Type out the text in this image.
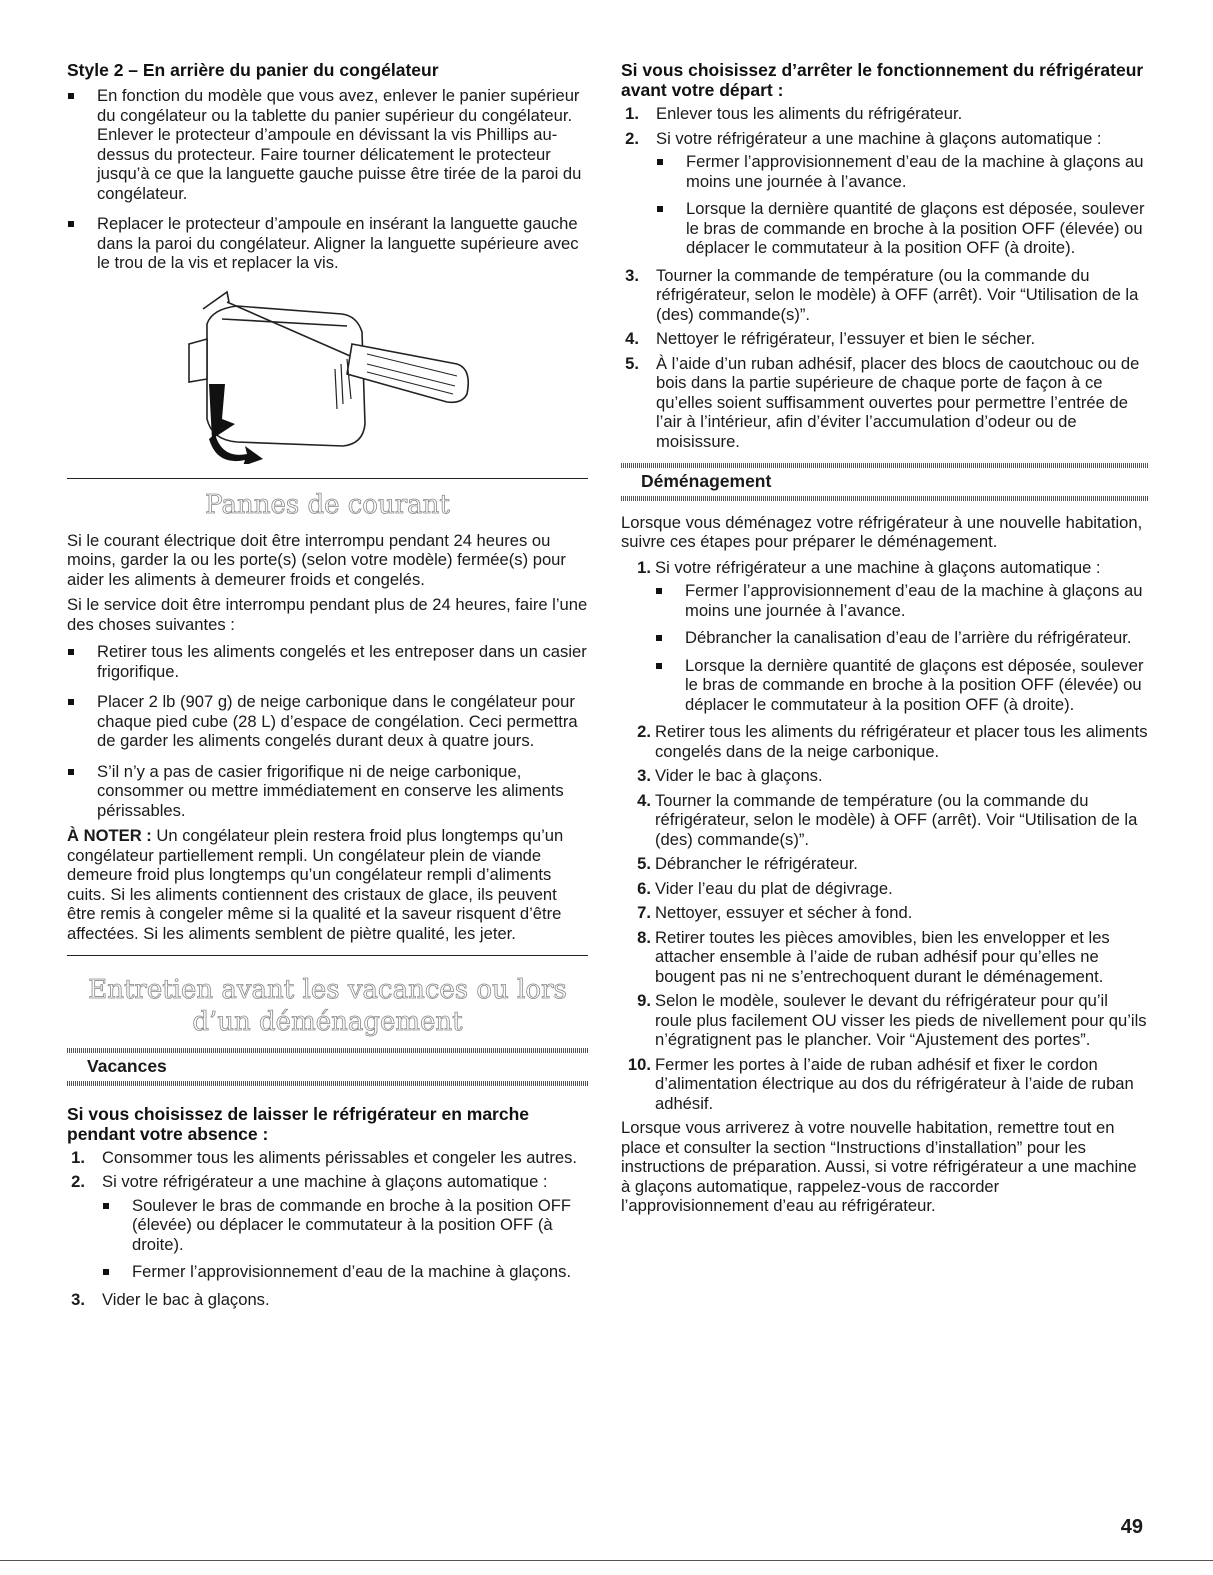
Style 2 – En arrière du panier du congélateur
En fonction du modèle que vous avez, enlever le panier supérieur du congélateur ou la tablette du panier supérieur du congélateur. Enlever le protecteur d’ampoule en dévissant la vis Phillips au-dessus du protecteur. Faire tourner délicatement le protecteur jusqu’à ce que la languette gauche puisse être tirée de la paroi du congélateur.
Replacer le protecteur d’ampoule en insérant la languette gauche dans la paroi du congélateur. Aligner la languette supérieure avec le trou de la vis et replacer la vis.
Pannes de courant

Si le courant électrique doit être interrompu pendant 24 heures ou moins, garder la ou les porte(s) (selon votre modèle) fermée(s) pour aider les aliments à demeurer froids et congelés.

Si le service doit être interrompu pendant plus de 24 heures, faire l’une des choses suivantes :

Retirer tous les aliments congelés et les entreposer dans un casier frigorifique.
Placer 2 lb (907 g) de neige carbonique dans le congélateur pour chaque pied cube (28 L) d’espace de congélation. Ceci permettra de garder les aliments congelés durant deux à quatre jours.
S’il n’y a pas de casier frigorifique ni de neige carbonique, consommer ou mettre immédiatement en conserve les aliments périssables.

À NOTER : Un congélateur plein restera froid plus longtemps qu’un congélateur partiellement rempli. Un congélateur plein de viande demeure froid plus longtemps qu’un congélateur rempli d’aliments cuits. Si les aliments contiennent des cristaux de glace, ils peuvent être remis à congeler même si la qualité et la saveur risquent d’être affectées. Si les aliments semblent de piètre qualité, les jeter.

Entretien avant les vacances ou lors
d’un déménagement
Vacances
Si vous choisissez de laisser le réfrigérateur en marche pendant votre absence :
1. Consommer tous les aliments périssables et congeler les autres.
2. Si votre réfrigérateur a une machine à glaçons automatique :
Soulever le bras de commande en broche à la position OFF (élevée) ou déplacer le commutateur à la position OFF (à droite).
Fermer l’approvisionnement d’eau de la machine à glaçons.
3. Vider le bac à glaçons.
Si vous choisissez d’arrêter le fonctionnement du réfrigérateur avant votre départ :
1. Enlever tous les aliments du réfrigérateur.
2. Si votre réfrigérateur a une machine à glaçons automatique :
Fermer l’approvisionnement d’eau de la machine à glaçons au moins une journée à l’avance.
Lorsque la dernière quantité de glaçons est déposée, soulever le bras de commande en broche à la position OFF (élevée) ou déplacer le commutateur à la position OFF (à droite).
3. Tourner la commande de température (ou la commande du réfrigérateur, selon le modèle) à OFF (arrêt). Voir “Utilisation de la (des) commande(s)”.
4. Nettoyer le réfrigérateur, l’essuyer et bien le sécher.
5. À l’aide d’un ruban adhésif, placer des blocs de caoutchouc ou de bois dans la partie supérieure de chaque porte de façon à ce qu’elles soient suffisamment ouvertes pour permettre l’entrée de l’air à l’intérieur, afin d’éviter l’accumulation d’odeur ou de moisissure.
Déménagement

Lorsque vous déménagez votre réfrigérateur à une nouvelle habitation, suivre ces étapes pour préparer le déménagement.

1. Si votre réfrigérateur a une machine à glaçons automatique :
Fermer l’approvisionnement d’eau de la machine à glaçons au moins une journée à l’avance.
Débrancher la canalisation d’eau de l’arrière du réfrigérateur.
Lorsque la dernière quantité de glaçons est déposée, soulever le bras de commande en broche à la position OFF (élevée) ou déplacer le commutateur à la position OFF (à droite).
2. Retirer tous les aliments du réfrigérateur et placer tous les aliments congelés dans de la neige carbonique.
3. Vider le bac à glaçons.
4. Tourner la commande de température (ou la commande du réfrigérateur, selon le modèle) à OFF (arrêt). Voir “Utilisation de la (des) commande(s)”.
5. Débrancher le réfrigérateur.
6. Vider l’eau du plat de dégivrage.
7. Nettoyer, essuyer et sécher à fond.
8. Retirer toutes les pièces amovibles, bien les envelopper et les attacher ensemble à l’aide de ruban adhésif pour qu’elles ne bougent pas ni ne s’entrechoquent durant le déménagement.
9. Selon le modèle, soulever le devant du réfrigérateur pour qu’il roule plus facilement OU visser les pieds de nivellement pour qu’ils n’égratignent pas le plancher. Voir “Ajustement des portes”.
10. Fermer les portes à l’aide de ruban adhésif et fixer le cordon d’alimentation électrique au dos du réfrigérateur à l’aide de ruban adhésif.

Lorsque vous arriverez à votre nouvelle habitation, remettre tout en place et consulter la section “Instructions d’installation” pour les instructions de préparation. Aussi, si votre réfrigérateur a une machine à glaçons automatique, rappelez-vous de raccorder l’approvisionnement d’eau au réfrigérateur.

49
